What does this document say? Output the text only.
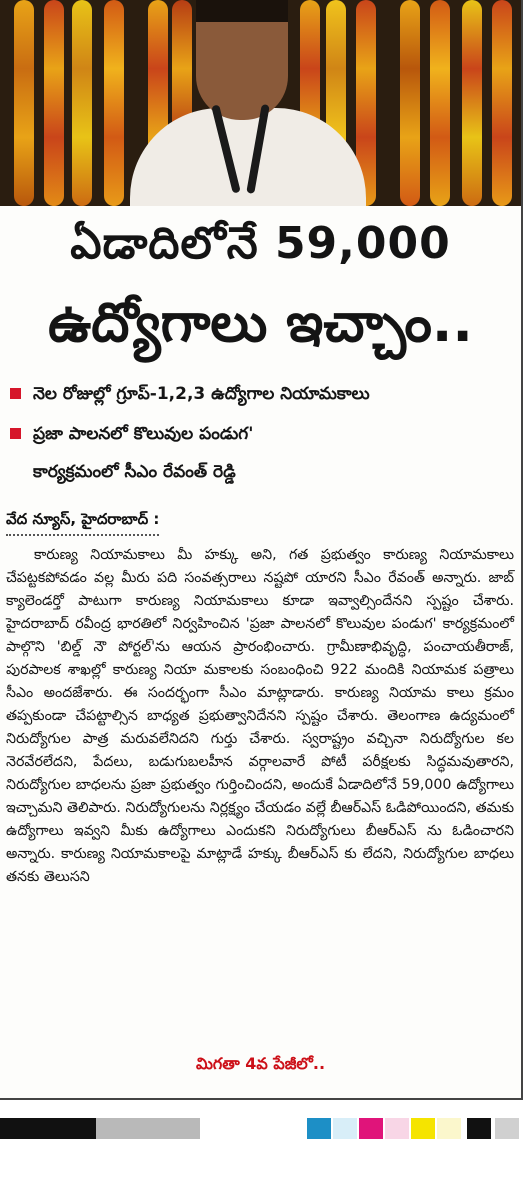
ఏడాదిలోనే 59,000
ఉద్యోగాలు ఇచ్చాం..
నెల రోజుల్లో గ్రూప్-1,2,3 ఉద్యోగాల నియామకాలు
ప్రజా పాలనలో కొలువుల పండుగ'
కార్యక్రమంలో సీఎం రేవంత్ రెడ్డి
వేద న్యూస్, హైదరాబాద్ :

కారుణ్య నియామకాలు మీ హక్కు అని, గత ప్రభుత్వం కారుణ్య నియామకాలు చేపట్టకపోవడం వల్ల మీరు పది సంవత్సరాలు నష్టపో యారని సీఎం రేవంత్ అన్నారు. జాబ్ క్యాలెండర్తో పాటుగా కారుణ్య నియామకాలు కూడా ఇవ్వాల్సిందేనని స్పష్టం చేశారు. హైదరాబాద్ రవీంద్ర భారతిలో నిర్వహించిన 'ప్రజా పాలనలో కొలువుల పండుగ' కార్యక్రమంలో పాల్గొని 'బిల్డ్ నౌ పోర్టల్'ను ఆయన ప్రారంభించారు. గ్రామీణాభివృద్ధి, పంచాయతీరాజ్, పురపాలక శాఖల్లో కారుణ్య నియా మకాలకు సంబంధించి 922 మందికి నియామక పత్రాలు సీఎం అందజేశారు. ఈ సందర్భంగా సీఎం మాట్లాడారు. కారుణ్య నియామ కాలు క్రమం తప్పకుండా చేపట్టాల్సిన బాధ్యత ప్రభుత్వానిదేనని స్పష్టం చేశారు. తెలంగాణ ఉద్యమంలో నిరుద్యోగుల పాత్ర మరువలేనిదని గుర్తు చేశారు. స్వరాష్ట్రం వచ్చినా నిరుద్యోగుల కల నెరవేరలేదని, పేదలు, బడుగుబలహీన వర్గాలవారే పోటీ పరీక్షలకు సిద్ధమవుతారని, నిరుద్యోగుల బాధలను ప్రజా ప్రభుత్వం గుర్తించిందని, అందుకే ఏడాదిలోనే 59,000 ఉద్యోగాలు ఇచ్చామని తెలిపారు. నిరుద్యోగులను నిర్లక్ష్యం చేయడం వల్లే బీఆర్ఎస్ ఓడిపోయిందని, తమకు ఉద్యోగాలు ఇవ్వని మీకు ఉద్యోగాలు ఎందుకని నిరుద్యోగులు బీఆర్ఎస్ ను ఓడించారని అన్నారు. కారుణ్య నియామకాలపై మాట్లాడే హక్కు బీఆర్ఎస్ కు లేదని, నిరుద్యోగుల బాధలు తనకు తెలుసని

మిగతా 4వ పేజీలో..
